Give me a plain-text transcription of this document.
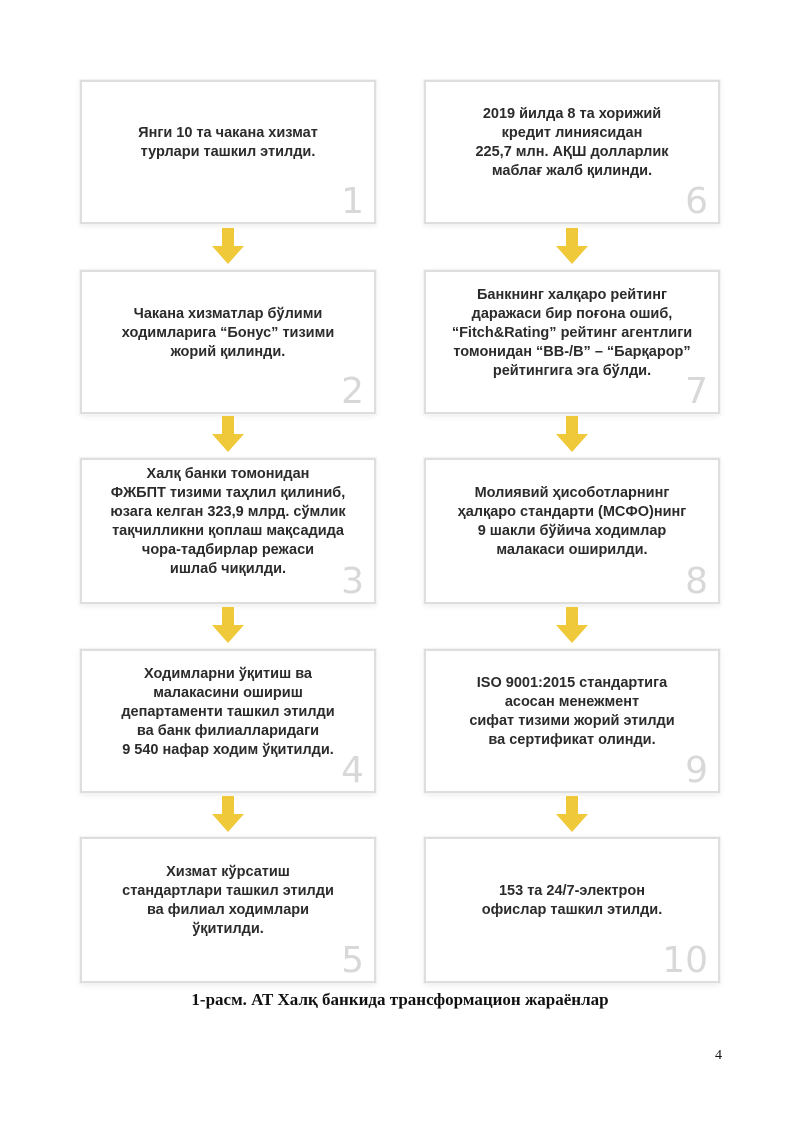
Янги 10 та чакана хизмат
турлари ташкил этилди.
1
Чакана хизматлар бўлими
ходимларига “Бонус” тизими
жорий қилинди.
2
Халқ банки томонидан
ФЖБПТ тизими таҳлил қилиниб,
юзага келган 323,9 млрд. сўмлик
тақчилликни қоплаш мақсадида
чора-тадбирлар режаси
ишлаб чиқилди.	3
Ходимларни ўқитиш ва
малакасини ошириш
департаменти ташкил этилди
ва банк филиалларидаги
9 540 нафар ходим ўқитилди.
4
Хизмат кўрсатиш
стандартлари ташкил этилди
ва филиал ходимлари
ўқитилди.
5
2019 йилда 8 та хорижий
кредит линиясидан
225,7 млн. АҚШ долларлик
маблағ жалб қилинди.
6
Банкнинг халқаро рейтинг
даражаси бир поғона ошиб,
“Fitch&Rating” рейтинг агентлиги
томонидан “BB-/B” – “Барқарор”
рейтингига эга бўлди.
7
Молиявий ҳисоботларнинг
ҳалқаро стандарти (МСФО)нинг
9 шакли бўйича ходимлар
малакаси оширилди.
8
ISO 9001:2015 стандартига
асосан менежмент
сифат тизими жорий этилди
ва сертификат олинди.
9
153 та 24/7-электрон
офислар ташкил этилди.
10
1-расм. АТ Халқ банкида трансформацион жараёнлар
4
